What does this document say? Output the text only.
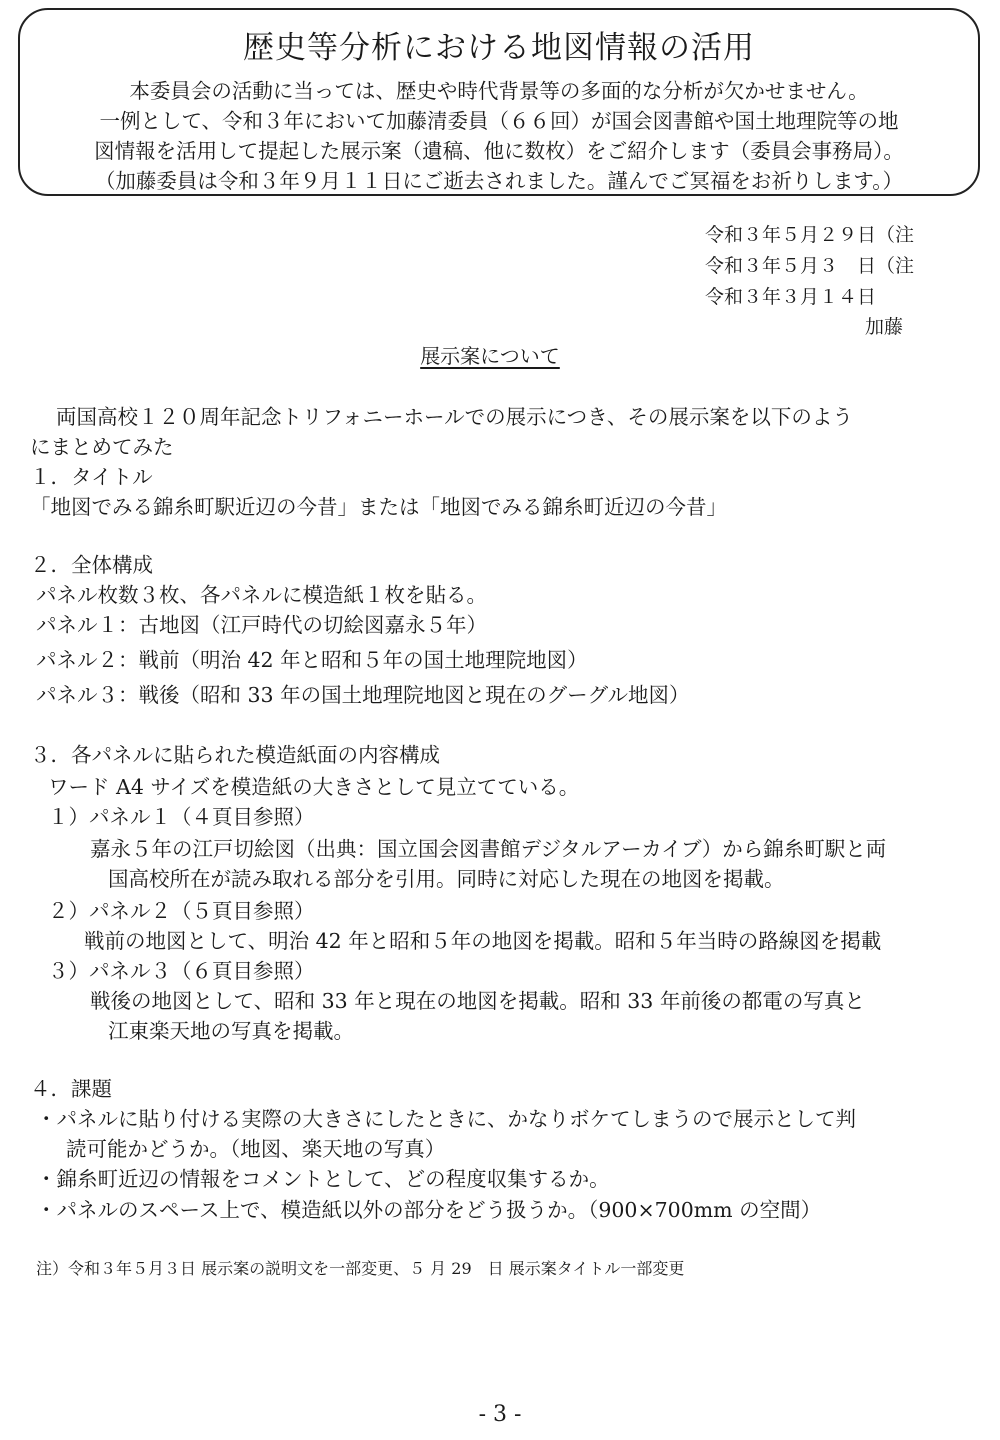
歴史等分析における地図情報の活用
本委員会の活動に当っては、歴史や時代背景等の多面的な分析が欠かせません。
一例として、令和３年において加藤清委員（６６回）が国会図書館や国土地理院等の地
図情報を活用して提起した展示案（遺稿、他に数枚）をご紹介します（委員会事務局）。
（加藤委員は令和３年９月１１日にご逝去されました。謹んでご冥福をお祈りします。）
令和３年５月２９日（注
令和３年５月３　日（注
令和３年３月１４日
加藤
展示案について
両国高校１２０周年記念トリフォニーホールでの展示につき、その展示案を以下のよう
にまとめてみた
１．タイトル
「地図でみる錦糸町駅近辺の今昔」または「地図でみる錦糸町近辺の今昔」
２．全体構成
パネル枚数３枚、各パネルに模造紙１枚を貼る。
パネル１：古地図（江戸時代の切絵図嘉永５年）
パネル２：戦前（明治 42 年と昭和５年の国土地理院地図）
パネル３：戦後（昭和 33 年の国土地理院地図と現在のグーグル地図）
３．各パネルに貼られた模造紙面の内容構成
ワード A4 サイズを模造紙の大きさとして見立てている。
１）パネル１（４頁目参照）
嘉永５年の江戸切絵図（出典：国立国会図書館デジタルアーカイブ）から錦糸町駅と両
国高校所在が読み取れる部分を引用。同時に対応した現在の地図を掲載。
２）パネル２（５頁目参照）
戦前の地図として、明治 42 年と昭和５年の地図を掲載。昭和５年当時の路線図を掲載
３）パネル３（６頁目参照）
戦後の地図として、昭和 33 年と現在の地図を掲載。昭和 33 年前後の都電の写真と
江東楽天地の写真を掲載。
４．課題
・パネルに貼り付ける実際の大きさにしたときに、かなりボケてしまうので展示として判
読可能かどうか。（地図、楽天地の写真）
・錦糸町近辺の情報をコメントとして、どの程度収集するか。
・パネルのスペース上で、模造紙以外の部分をどう扱うか。（900×700mm の空間）
注）令和３年５月３日 展示案の説明文を一部変更、５ 月 29　日 展示案タイトル一部変更
- 3 -
